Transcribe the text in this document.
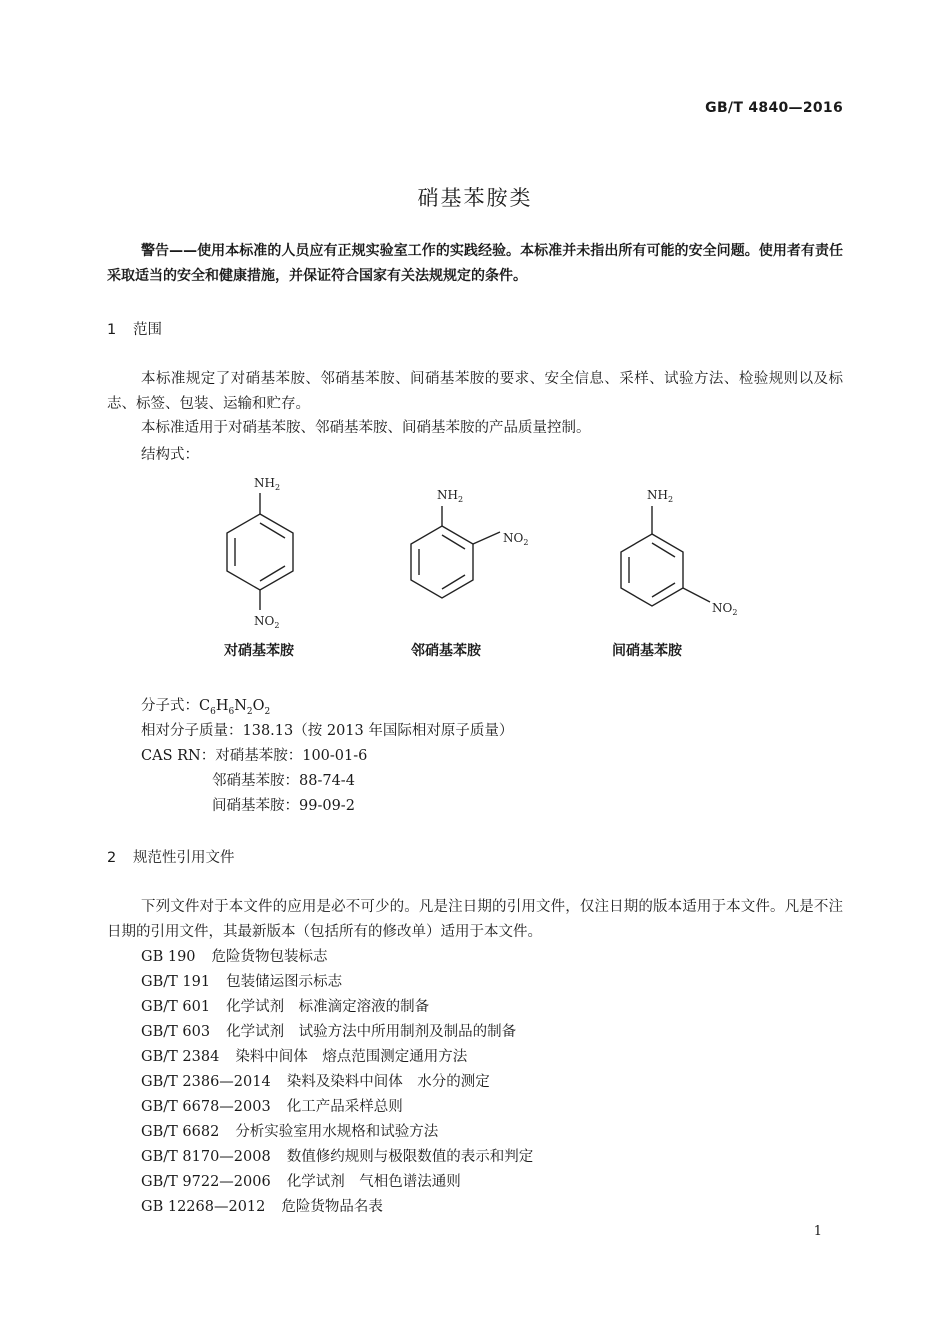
GB/T 4840—2016
硝基苯胺类
警告——使用本标准的人员应有正规实验室工作的实践经验。本标准并未指出所有可能的安全问题。使用者有责任采取适当的安全和健康措施，并保证符合国家有关法规规定的条件。
1 范围
本标准规定了对硝基苯胺、邻硝基苯胺、间硝基苯胺的要求、安全信息、采样、试验方法、检验规则以及标志、标签、包装、运输和贮存。
本标准适用于对硝基苯胺、邻硝基苯胺、间硝基苯胺的产品质量控制。
结构式：
$NH_2$
$NO_2$
$NH_2$
$NO_2$
$NH_2$
$NO_2$
对硝基苯胺	邻硝基苯胺	间硝基苯胺
分子式：$C_6H_6N_2O_2$
相对分子质量：138.13（按 2013 年国际相对原子质量）
CAS RN：对硝基苯胺：100-01-6
邻硝基苯胺：88-74-4
间硝基苯胺：99-09-2
2 规范性引用文件
下列文件对于本文件的应用是必不可少的。凡是注日期的引用文件，仅注日期的版本适用于本文件。凡是不注日期的引用文件，其最新版本（包括所有的修改单）适用于本文件。
GB 190 危险货物包装标志
GB/T 191 包装储运图示标志
GB/T 601 化学试剂　标准滴定溶液的制备
GB/T 603 化学试剂　试验方法中所用制剂及制品的制备
GB/T 2384 染料中间体　熔点范围测定通用方法
GB/T 2386—2014 染料及染料中间体　水分的测定
GB/T 6678—2003 化工产品采样总则
GB/T 6682 分析实验室用水规格和试验方法
GB/T 8170—2008 数值修约规则与极限数值的表示和判定
GB/T 9722—2006 化学试剂　气相色谱法通则
GB 12268—2012 危险货物品名表
1
